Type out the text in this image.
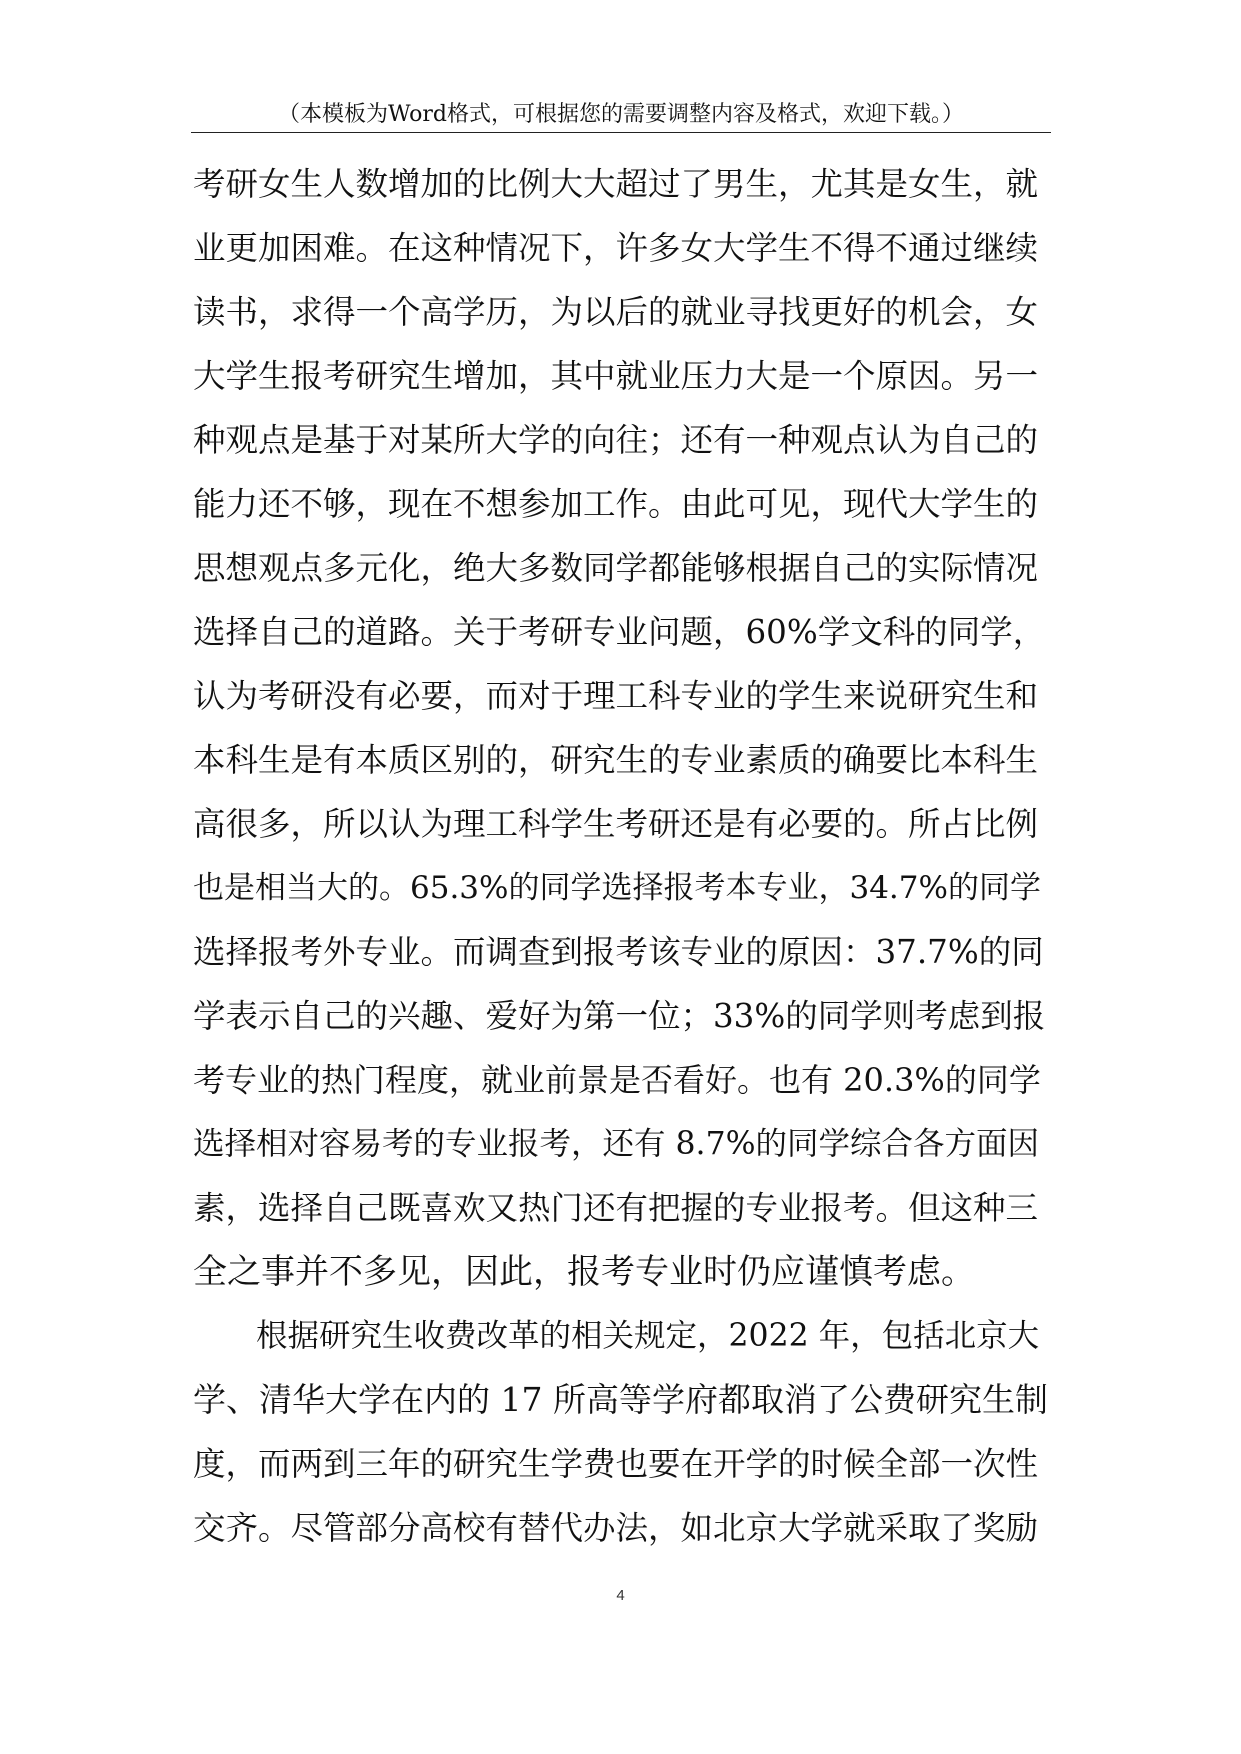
（本模板为Word格式，可根据您的需要调整内容及格式，欢迎下载。）
考研女生人数增加的比例大大超过了男生，尤其是女生，就
业更加困难。在这种情况下，许多女大学生不得不通过继续
读书，求得一个高学历，为以后的就业寻找更好的机会，女
大学生报考研究生增加，其中就业压力大是一个原因。另一
种观点是基于对某所大学的向往；还有一种观点认为自己的
能力还不够，现在不想参加工作。由此可见，现代大学生的
思想观点多元化，绝大多数同学都能够根据自己的实际情况
选择自己的道路。关于考研专业问题，60%学文科的同学，
认为考研没有必要，而对于理工科专业的学生来说研究生和
本科生是有本质区别的，研究生的专业素质的确要比本科生
高很多，所以认为理工科学生考研还是有必要的。所占比例
也是相当大的。65.3%的同学选择报考本专业，34.7%的同学
选择报考外专业。而调查到报考该专业的原因：37.7%的同
学表示自己的兴趣、爱好为第一位；33%的同学则考虑到报
考专业的热门程度，就业前景是否看好。也有 20.3%的同学
选择相对容易考的专业报考，还有 8.7%的同学综合各方面因
素，选择自己既喜欢又热门还有把握的专业报考。但这种三
全之事并不多见，因此，报考专业时仍应谨慎考虑。
　　根据研究生收费改革的相关规定，2022 年，包括北京大
学、清华大学在内的 17 所高等学府都取消了公费研究生制
度，而两到三年的研究生学费也要在开学的时候全部一次性
交齐。尽管部分高校有替代办法，如北京大学就采取了奖励
4
